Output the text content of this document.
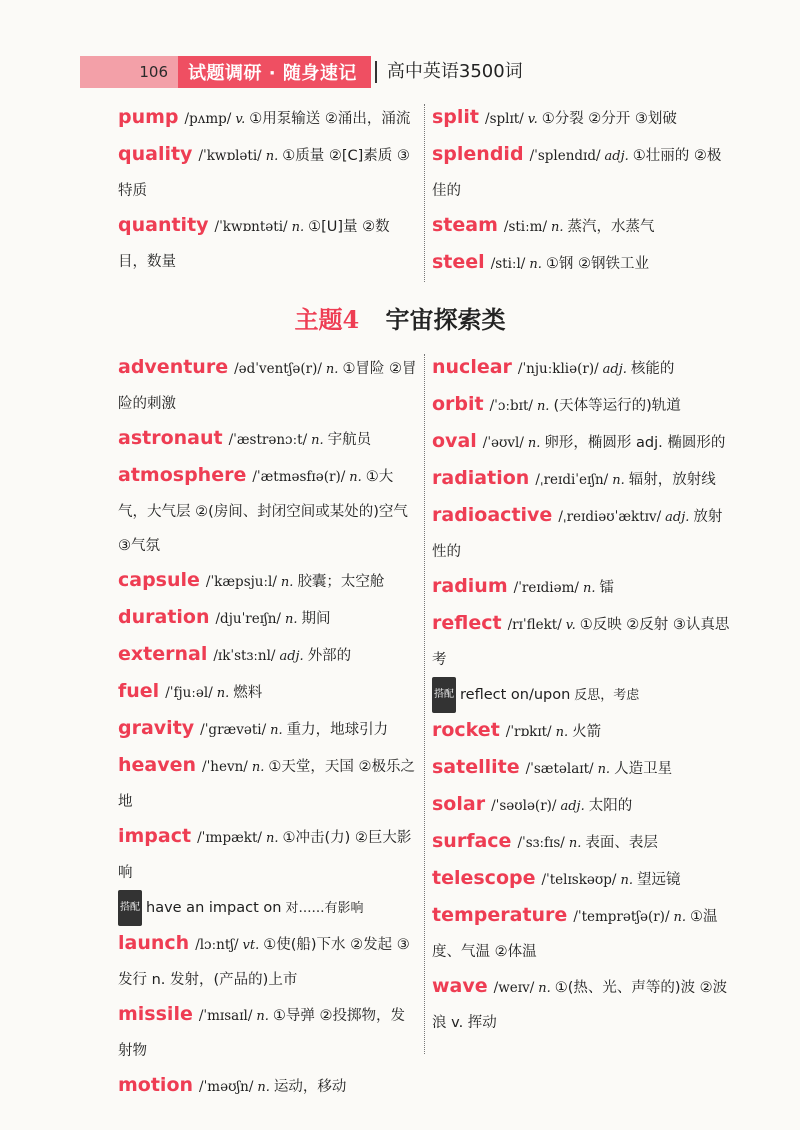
106	试题调研 · 随身速记	高中英语3500词
pump /pʌmp/ v. ①用泵输送 ②涌出，涌流
quality /ˈkwɒləti/ n. ①质量 ②[C]素质 ③特质
quantity /ˈkwɒntəti/ n. ①[U]量 ②数目，数量
split /splɪt/ v. ①分裂 ②分开 ③划破
splendid /ˈsplendɪd/ adj. ①壮丽的 ②极佳的
steam /stiːm/ n. 蒸汽，水蒸气
steel /stiːl/ n. ①钢 ②钢铁工业
主题4 宇宙探索类
adventure /ədˈventʃə(r)/ n. ①冒险 ②冒险的刺激
astronaut /ˈæstrənɔːt/ n. 宇航员
atmosphere /ˈætməsfɪə(r)/ n. ①大气，大气层 ②(房间、封闭空间或某处的)空气 ③气氛
capsule /ˈkæpsjuːl/ n. 胶囊；太空舱
duration /djuˈreɪʃn/ n. 期间
external /ɪkˈstɜːnl/ adj. 外部的
fuel /ˈfjuːəl/ n. 燃料
gravity /ˈgrævəti/ n. 重力，地球引力
heaven /ˈhevn/ n. ①天堂，天国 ②极乐之地
impact /ˈɪmpækt/ n. ①冲击(力) ②巨大影响
搭配 have an impact on 对……有影响
launch /lɔːntʃ/ vt. ①使(船)下水 ②发起 ③发行 n. 发射，(产品的)上市
missile /ˈmɪsaɪl/ n. ①导弹 ②投掷物，发射物
motion /ˈməʊʃn/ n. 运动，移动
nuclear /ˈnjuːkliə(r)/ adj. 核能的
orbit /ˈɔːbɪt/ n. (天体等运行的)轨道
oval /ˈəʊvl/ n. 卵形，椭圆形 adj. 椭圆形的
radiation /ˌreɪdiˈeɪʃn/ n. 辐射，放射线
radioactive /ˌreɪdiəʊˈæktɪv/ adj. 放射性的
radium /ˈreɪdiəm/ n. 镭
reflect /rɪˈflekt/ v. ①反映 ②反射 ③认真思考
搭配 reflect on/upon 反思，考虑
rocket /ˈrɒkɪt/ n. 火箭
satellite /ˈsætəlaɪt/ n. 人造卫星
solar /ˈsəʊlə(r)/ adj. 太阳的
surface /ˈsɜːfɪs/ n. 表面、表层
telescope /ˈtelɪskəʊp/ n. 望远镜
temperature /ˈtemprətʃə(r)/ n. ①温度、气温 ②体温
wave /weɪv/ n. ①(热、光、声等的)波 ②波浪 v. 挥动
